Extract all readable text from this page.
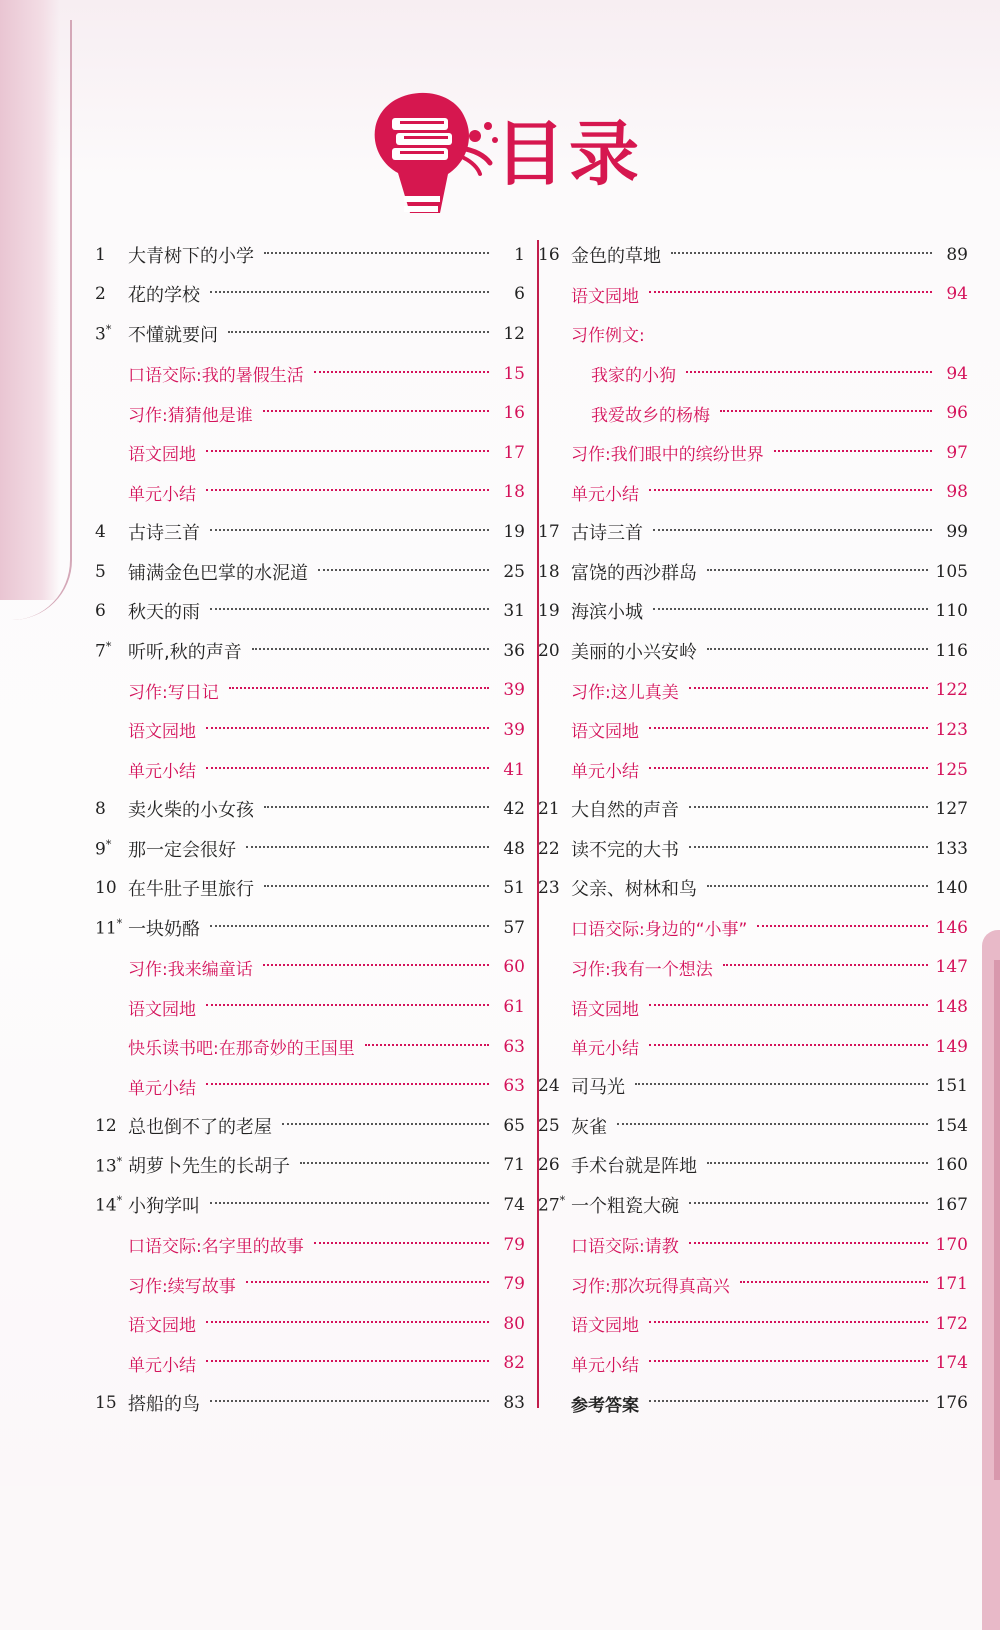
目录
1	大青树下的小学	1
2	花的学校	6
3* 不懂就要问	12
口语交际:我的暑假生活	15
习作:猜猜他是谁	16
语文园地	17
单元小结	18
4	古诗三首	19
5	铺满金色巴掌的水泥道	25
6	秋天的雨	31
7* 听听,秋的声音	36
习作:写日记	39
语文园地	39
单元小结	41
8	卖火柴的小女孩	42
9* 那一定会很好	48
10 在牛肚子里旅行	51
11* 一块奶酪	57
习作:我来编童话	60
语文园地	61
快乐读书吧:在那奇妙的王国里	63
单元小结	63
12 总也倒不了的老屋	65
13* 胡萝卜先生的长胡子	71
14* 小狗学叫	74
口语交际:名字里的故事	79
习作:续写故事	79
语文园地	80
单元小结	82
15 搭船的鸟	83
16 金色的草地	89
语文园地	94
习作例文:
我家的小狗	94
我爱故乡的杨梅	96
习作:我们眼中的缤纷世界	97
单元小结	98
17 古诗三首	99
18 富饶的西沙群岛	105
19 海滨小城	110
20 美丽的小兴安岭	116
习作:这儿真美	122
语文园地	123
单元小结	125
21 大自然的声音	127
22 读不完的大书	133
23 父亲、树林和鸟	140
口语交际:身边的“小事”	146
习作:我有一个想法	147
语文园地	148
单元小结	149
24 司马光	151
25 灰雀	154
26 手术台就是阵地	160
27* 一个粗瓷大碗	167
口语交际:请教	170
习作:那次玩得真高兴	171
语文园地	172
单元小结	174
参考答案	176
